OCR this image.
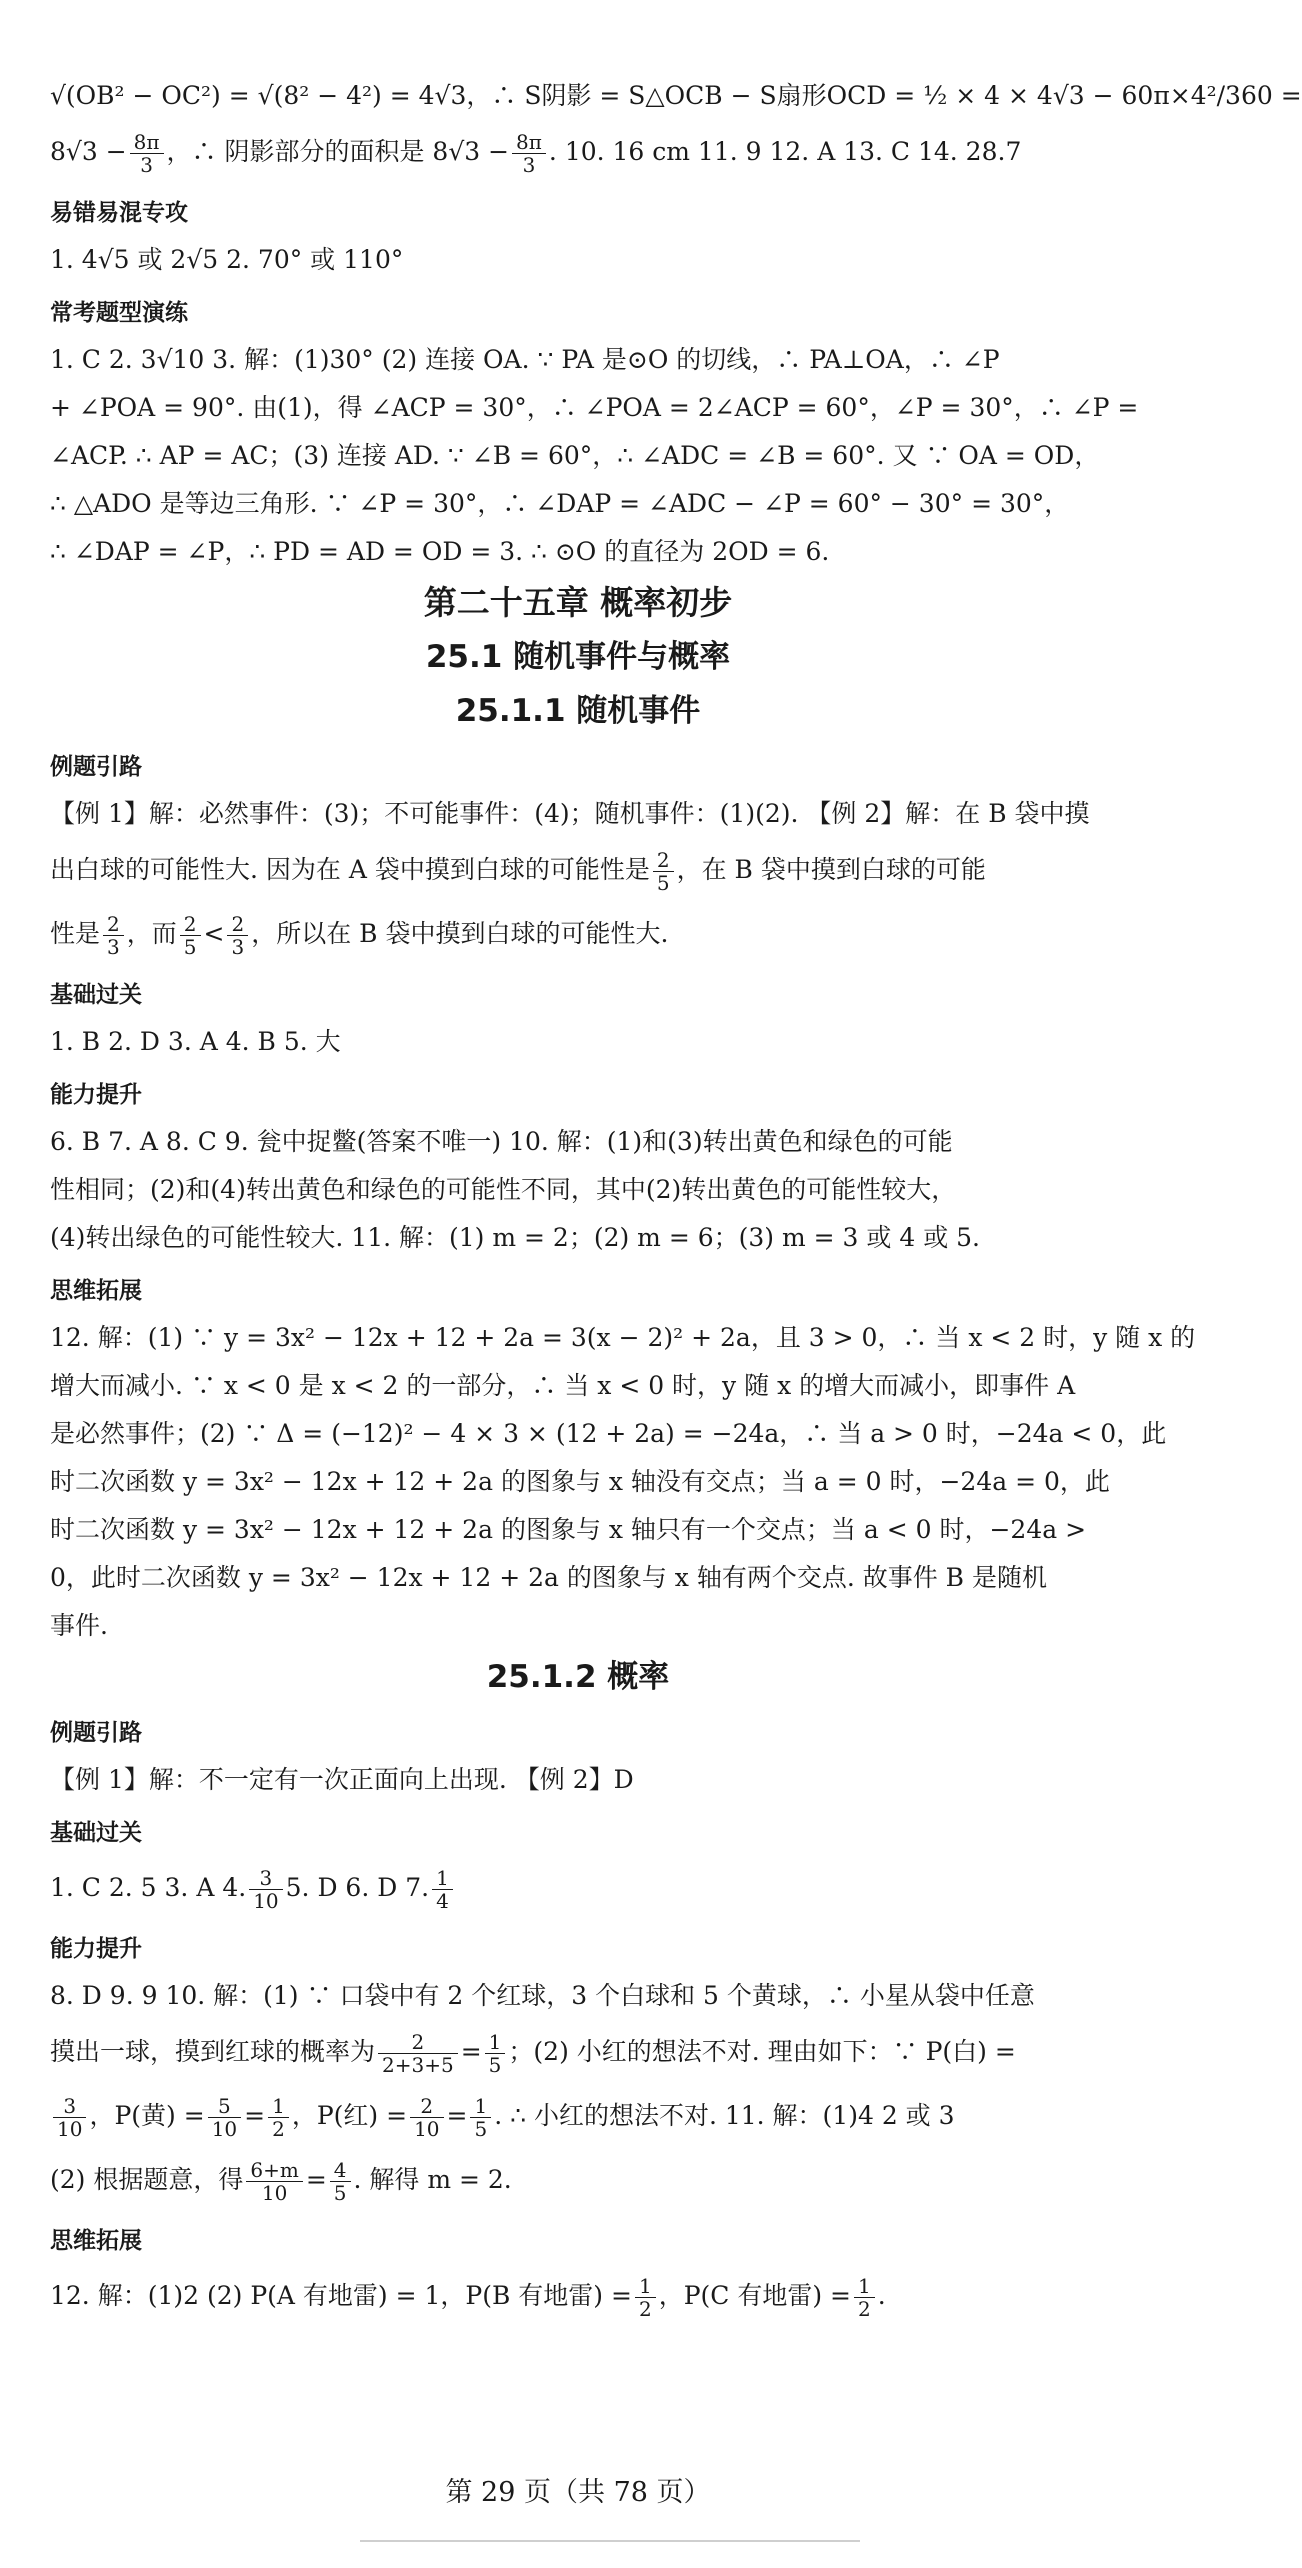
√(OB² − OC²) = √(8² − 4²) = 4√3，∴ S阴影 = S△OCB − S扇形OCD = ½ × 4 × 4√3 − 60π×4²/360 =
$8√3 - \frac{8\pi}{3}$ ，∴ 阴影部分的面积是 $8√3 - \frac{8\pi}{3}$ . 10. 16 cm 11. 9 12. A 13. C 14. 28.7
易错易混专攻
1. 4√5 或 2√5 2. 70° 或 110°
常考题型演练
1. C 2. 3√10 3. 解：(1)30° (2) 连接 OA. ∵ PA 是⊙O 的切线，∴ PA⊥OA，∴ ∠P
+ ∠POA = 90°. 由(1)，得 ∠ACP = 30°，∴ ∠POA = 2∠ACP = 60°，∠P = 30°，∴ ∠P =
∠ACP. ∴ AP = AC；(3) 连接 AD. ∵ ∠B = 60°，∴ ∠ADC = ∠B = 60°. 又 ∵ OA = OD，
∴ △ADO 是等边三角形. ∵ ∠P = 30°，∴ ∠DAP = ∠ADC − ∠P = 60° − 30° = 30°，
∴ ∠DAP = ∠P，∴ PD = AD = OD = 3. ∴ ⊙O 的直径为 2OD = 6.
第二十五章 概率初步
25.1 随机事件与概率
25.1.1 随机事件
例题引路
【例 1】解：必然事件：(3)；不可能事件：(4)；随机事件：(1)(2). 【例 2】解：在 B 袋中摸
出白球的可能性大. 因为在 A 袋中摸到白球的可能性是 $\frac{2}{5}$ ，在 B 袋中摸到白球的可能
性是 $\frac{2}{3}$ ，而 $\frac{2}{5} < \frac{2}{3}$ ，所以在 B 袋中摸到白球的可能性大.
基础过关
1. B 2. D 3. A 4. B 5. 大
能力提升
6. B 7. A 8. C 9. 瓮中捉鳖(答案不唯一) 10. 解：(1)和(3)转出黄色和绿色的可能
性相同；(2)和(4)转出黄色和绿色的可能性不同，其中(2)转出黄色的可能性较大，
(4)转出绿色的可能性较大. 11. 解：(1) m = 2；(2) m = 6；(3) m = 3 或 4 或 5.
思维拓展
12. 解：(1) ∵ y = 3x² − 12x + 12 + 2a = 3(x − 2)² + 2a，且 3 > 0，∴ 当 x < 2 时，y 随 x 的
增大而减小. ∵ x < 0 是 x < 2 的一部分，∴ 当 x < 0 时，y 随 x 的增大而减小，即事件 A
是必然事件；(2) ∵ Δ = (−12)² − 4 × 3 × (12 + 2a) = −24a，∴ 当 a > 0 时，−24a < 0，此
时二次函数 y = 3x² − 12x + 12 + 2a 的图象与 x 轴没有交点；当 a = 0 时，−24a = 0，此
时二次函数 y = 3x² − 12x + 12 + 2a 的图象与 x 轴只有一个交点；当 a < 0 时，−24a >
0，此时二次函数 y = 3x² − 12x + 12 + 2a 的图象与 x 轴有两个交点. 故事件 B 是随机
事件.
25.1.2 概率
例题引路
【例 1】解：不一定有一次正面向上出现. 【例 2】D
基础过关
1. C 2. 5 3. A 4. $\frac{3}{10} 5$. D 6. D 7. $\frac{1}{4}$
能力提升
8. D 9. 9 10. 解：(1) ∵ 口袋中有 2 个红球，3 个白球和 5 个黄球，∴ 小星从袋中任意
摸出一球，摸到红球的概率为 $\frac{2}{2+3+5} = \frac{1}{5}$ ；(2) 小红的想法不对. 理由如下：∵ P(白) =
$\frac{3}{10}$ ，P(黄) = $\frac{5}{10} = \frac{1}{2}$ ，P(红) = $\frac{2}{10} = \frac{1}{5}$ . ∴ 小红的想法不对. 11. 解：(1)4 2 或 3
(2) 根据题意，得 $\frac{6+m}{10} = \frac{4}{5}$ . 解得 m = 2.
思维拓展
12. 解：(1)2 (2) P(A 有地雷) = 1，P(B 有地雷) = $\frac{1}{2}$ ，P(C 有地雷) = $\frac{1}{2}$ .
第 29 页（共 78 页）
